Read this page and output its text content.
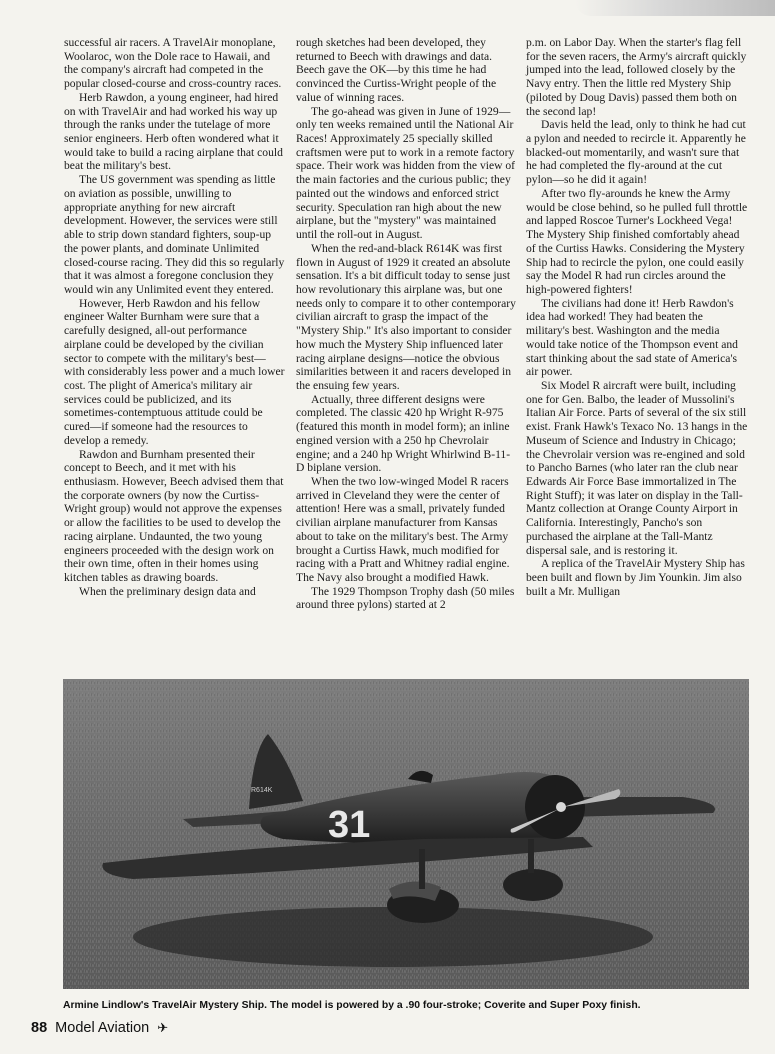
successful air racers. A TravelAir monoplane, Woolaroc, won the Dole race to Hawaii, and the company's aircraft had competed in the popular closed-course and cross-country races.

Herb Rawdon, a young engineer, had hired on with TravelAir and had worked his way up through the ranks under the tutelage of more senior engineers. Herb often wondered what it would take to build a racing airplane that could beat the military's best.

The US government was spending as little on aviation as possible, unwilling to appropriate anything for new aircraft development. However, the services were still able to strip down standard fighters, soup-up the power plants, and dominate Unlimited closed-course racing. They did this so regularly that it was almost a foregone conclusion they would win any Unlimited event they entered.

However, Herb Rawdon and his fellow engineer Walter Burnham were sure that a carefully designed, all-out performance airplane could be developed by the civilian sector to compete with the military's best—with considerably less power and a much lower cost. The plight of America's military air services could be publicized, and its sometimes-contemptuous attitude could be cured—if someone had the resources to develop a remedy.

Rawdon and Burnham presented their concept to Beech, and it met with his enthusiasm. However, Beech advised them that the corporate owners (by now the Curtiss-Wright group) would not approve the expenses or allow the facilities to be used to develop the racing airplane. Undaunted, the two young engineers proceeded with the design work on their own time, often in their homes using kitchen tables as drawing boards.

When the preliminary design data and

rough sketches had been developed, they returned to Beech with drawings and data. Beech gave the OK—by this time he had convinced the Curtiss-Wright people of the value of winning races.

The go-ahead was given in June of 1929—only ten weeks remained until the National Air Races! Approximately 25 specially skilled craftsmen were put to work in a remote factory space. Their work was hidden from the view of the main factories and the curious public; they painted out the windows and enforced strict security. Speculation ran high about the new airplane, but the "mystery" was maintained until the roll-out in August.

When the red-and-black R614K was first flown in August of 1929 it created an absolute sensation. It's a bit difficult today to sense just how revolutionary this airplane was, but one needs only to compare it to other contemporary civilian aircraft to grasp the impact of the "Mystery Ship." It's also important to consider how much the Mystery Ship influenced later racing airplane designs—notice the obvious similarities between it and racers developed in the ensuing few years.

Actually, three different designs were completed. The classic 420 hp Wright R-975 (featured this month in model form); an inline engined version with a 250 hp Chevrolair engine; and a 240 hp Wright Whirlwind B-11-D biplane version.

When the two low-winged Model R racers arrived in Cleveland they were the center of attention! Here was a small, privately funded civilian airplane manufacturer from Kansas about to take on the military's best. The Army brought a Curtiss Hawk, much modified for racing with a Pratt and Whitney radial engine. The Navy also brought a modified Hawk.

The 1929 Thompson Trophy dash (50 miles around three pylons) started at 2

p.m. on Labor Day. When the starter's flag fell for the seven racers, the Army's aircraft quickly jumped into the lead, followed closely by the Navy entry. Then the little red Mystery Ship (piloted by Doug Davis) passed them both on the second lap!

Davis held the lead, only to think he had cut a pylon and needed to recircle it. Apparently he blacked-out momentarily, and wasn't sure that he had completed the fly-around at the cut pylon—so he did it again!

After two fly-arounds he knew the Army would be close behind, so he pulled full throttle and lapped Roscoe Turner's Lockheed Vega! The Mystery Ship finished comfortably ahead of the Curtiss Hawks. Considering the Mystery Ship had to recircle the pylon, one could easily say the Model R had run circles around the high-powered fighters!

The civilians had done it! Herb Rawdon's idea had worked! They had beaten the military's best. Washington and the media would take notice of the Thompson event and start thinking about the sad state of America's air power.

Six Model R aircraft were built, including one for Gen. Balbo, the leader of Mussolini's Italian Air Force. Parts of several of the six still exist. Frank Hawk's Texaco No. 13 hangs in the Museum of Science and Industry in Chicago; the Chevrolair version was re-engined and sold to Pancho Barnes (who later ran the club near Edwards Air Force Base immortalized in The Right Stuff); it was later on display in the Tall-Mantz collection at Orange County Airport in California. Interestingly, Pancho's son purchased the airplane at the Tall-Mantz dispersal sale, and is restoring it.

A replica of the TravelAir Mystery Ship has been built and flown by Jim Younkin. Jim also built a Mr. Mulligan

R614K
31
Armine Lindlow's TravelAir Mystery Ship. The model is powered by a .90 four-stroke; Coverite and Super Poxy finish.
88 Model Aviation ✈
